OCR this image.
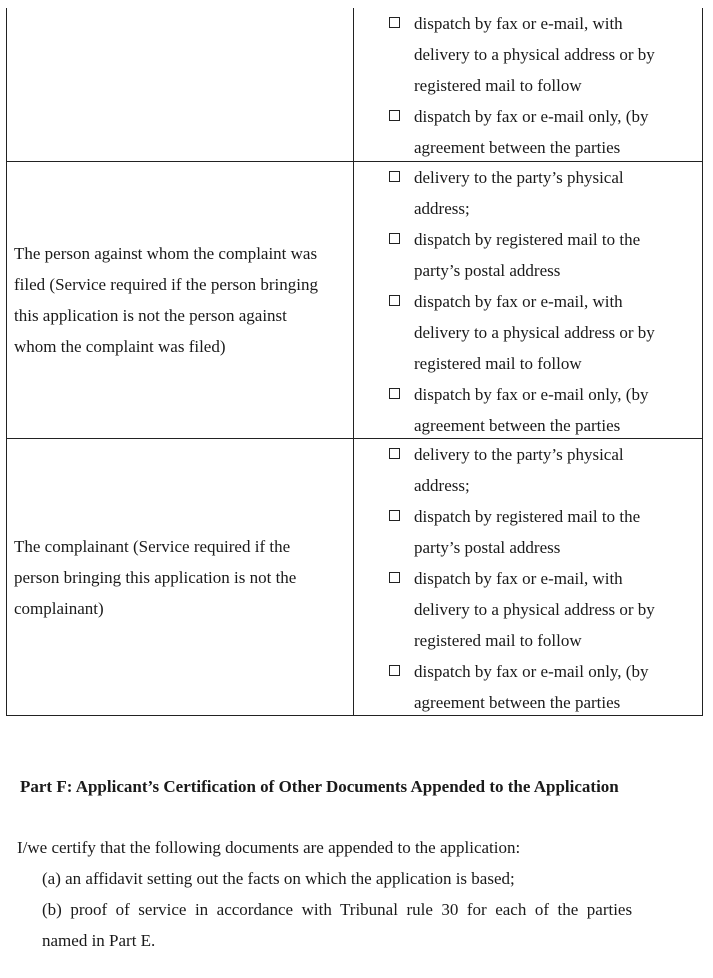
dispatch by fax or e-mail, with
delivery to a physical address or by
registered mail to follow
dispatch by fax or e-mail only, (by
agreement between the parties
The person against whom the complaint was
filed (Service required if the person bringing
this application is not the person against
whom the complaint was filed)
delivery to the party’s physical
address;
dispatch by registered mail to the
party’s postal address
dispatch by fax or e-mail, with
delivery to a physical address or by
registered mail to follow
dispatch by fax or e-mail only, (by
agreement between the parties
The complainant (Service required if the
person bringing this application is not the
complainant)
delivery to the party’s physical
address;
dispatch by registered mail to the
party’s postal address
dispatch by fax or e-mail, with
delivery to a physical address or by
registered mail to follow
dispatch by fax or e-mail only, (by
agreement between the parties
Part F: Applicant’s Certification of Other Documents Appended to the Application
I/we certify that the following documents are appended to the application:
(a) an affidavit setting out the facts on which the application is based;
(b)  proof  of  service  in  accordance  with  Tribunal  rule  30  for  each  of  the  parties
named in Part E.
